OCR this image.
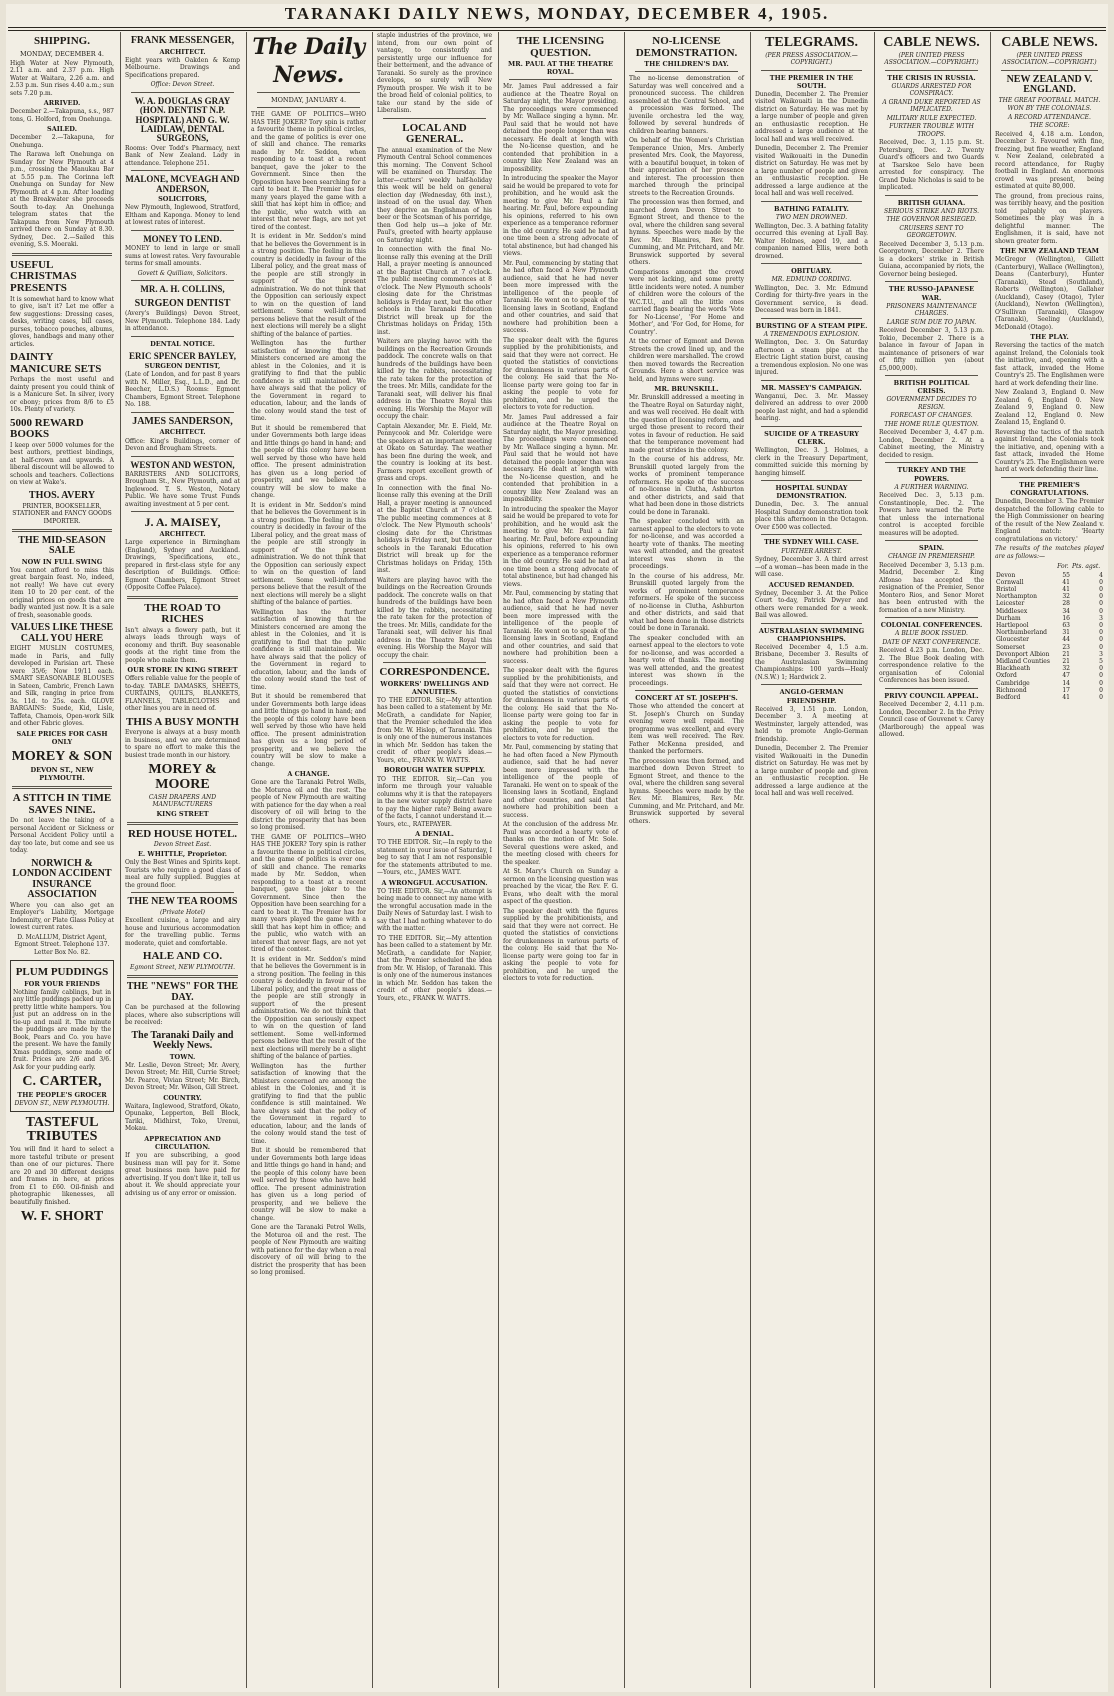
TARANAKI DAILY NEWS, MONDAY, DECEMBER 4, 1905.
SHIPPING.
MONDAY, DECEMBER 4.
High Water at New Plymouth, 2.11 a.m. and 2.37 p.m. High Water at Waitara, 2.26 a.m. and 2.53 p.m. Sun rises 4.40 a.m.; sun sets 7.20 p.m.
ARRIVED.
December 2.—Takapuna, s.s., 987 tons, G. Holford, from Onehunga.
SAILED.
December 2.—Takapuna, for Onehunga.
The Rarawa left Onehunga on Sunday for New Plymouth at 4 p.m., crossing the Manukau Bar at 5.55 p.m. The Corinna left Onehunga on Sunday for New Plymouth at 4 p.m. After loading at the Breakwater she proceeds South to-day. An Onehunga telegram states that the Takapuna from New Plymouth arrived there on Sunday at 8.30. Sydney, Dec. 2.—Sailed this evening, S.S. Moeraki.
USEFUL CHRISTMAS PRESENTS
It is somewhat hard to know what to give, isn't it? Let me offer a few suggestions: Dressing cases, desks, writing cases, bill cases, purses, tobacco pouches, albums, gloves, handbags and many other articles.
DAINTY MANICURE SETS
Perhaps the most useful and dainty present you could think of is a Manicure Set. In silver, ivory or ebony; prices from 8/6 to £5 10s. Plenty of variety.
5000 REWARD BOOKS
I keep over 5000 volumes for the best authors, prettiest bindings, at half-crown and upwards. A liberal discount will be allowed to schools and teachers. Collections on view at Wake's.
THOS. AVERY
PRINTER, BOOKSELLER, STATIONER and FANCY GOODS IMPORTER.
THE MID-SEASON SALE
NOW IN FULL SWING
You cannot afford to miss this great bargain feast. No, indeed, not really! We have cut every item 10 to 20 per cent. of the original prices on goods that are badly wanted just now. It is a sale of fresh, seasonable goods.
VALUES LIKE THESE CALL YOU HERE
EIGHT MUSLIN COSTUMES, made in Paris, and fully developed in Parisian art. These were 35/6; Now 19/11 each. SMART SEASONABLE BLOUSES in Sateen, Cambric, French Lawn and Silk, ranging in price from 3s. 11d. to 25s. each. GLOVE BARGAINS: Suede, Kid, Lisle, Taffeta, Chamois, Open-work Silk and other Fabric gloves.
SALE PRICES FOR CASH ONLY
MOREY & SON
DEVON ST., NEW PLYMOUTH.
A STITCH IN TIME SAVES NINE.
Do not leave the taking of a personal Accident or Sickness or Personal Accident Policy until a day too late, but come and see us today.
NORWICH & LONDON ACCIDENT INSURANCE ASSOCIATION
Where you can also get an Employer's Liability, Mortgage Indemnity, or Plate Glass Policy at lowest current rates.
D. McALLUM, District Agent, Egmont Street. Telephone 137. Letter Box No. 82.
PLUM PUDDINGS
FOR YOUR FRIENDS
Nothing family cablings, but in any little puddings packed up in pretty little white hampers. You just put an address on in the tie-up and mail it. The minute the puddings are made by the Book, Pears and Co. you have the present. We have the family Xmas puddings, some made of fruit. Prices are 2/6 and 3/6. Ask for your pudding early.
C. CARTER,
THE PEOPLE'S GROCER
DEVON ST., NEW PLYMOUTH.
TASTEFUL TRIBUTES
You will find it hard to select a more tasteful tribute or present than one of our pictures. There are 20 and 30 different designs and frames in here, at prices from £1 to £60. Oil-finish and photographic likenesses, all beautifully finished.
W. F. SHORT
FRANK MESSENGER,
ARCHITECT.
Eight years with Oakden & Kemp Melbourne. Drawings and Specifications prepared.
Office: Devon Street.
W. A. DOUGLAS GRAY (HON. DENTIST N.P. HOSPITAL) AND G. W. LAIDLAW, DENTAL SURGEONS,
Rooms: Over Todd's Pharmacy, next Bank of New Zealand. Lady in attendance. Telephone 251.
MALONE, MCVEAGH AND ANDERSON,
SOLICITORS,
New Plymouth, Inglewood, Stratford, Eltham and Kaponga. Money to lend at lowest rates of interest.
MONEY TO LEND.
MONEY to lend in large or small sums at lowest rates. Very favourable terms for small amounts.
Govett & Quilliam, Solicitors.
MR. A. H. COLLINS,
SURGEON DENTIST
(Avery's Buildings) Devon Street, New Plymouth. Telephone 184. Lady in attendance.
DENTAL NOTICE.
ERIC SPENCER BAYLEY,
SURGEON DENTIST,
(Late of London, and for past 8 years with N. Miller, Esq., L.L.D., and Dr. Beecher, L.D.S.) Rooms: Egmont Chambers, Egmont Street. Telephone No. 188.
JAMES SANDERSON,
ARCHITECT.
Office: King's Buildings, corner of Devon and Brougham Streets.
WESTON AND WESTON,
BARRISTERS AND SOLICITORS, Brougham St., New Plymouth, and at Inglewood. T. S. Weston, Notary Public. We have some Trust Funds awaiting investment at 5 per cent.
J. A. MAISEY,
ARCHITECT.
Large experience in Birmingham (England), Sydney and Auckland. Drawings, Specifications, etc., prepared in first-class style for any description of Buildings. Office: Egmont Chambers, Egmont Street (Opposite Coffee Palace).
THE ROAD TO RICHES
Isn't always a flowery path, but it always leads through ways of economy and thrift. Buy seasonable goods at the right time from the people who make them.
OUR STORE IN KING STREET
Offers reliable value for the people of to-day. TABLE DAMASKS, SHEETS, CURTAINS, QUILTS, BLANKETS, FLANNELS, TABLECLOTHS and other lines you are in need of.
THIS A BUSY MONTH
Everyone is always at a busy month in business, and we are determined to spare no effort to make this the busiest trade month in our history.
MOREY & MOORE
CASH DRAPERS AND MANUFACTURERS
KING STREET
RED HOUSE HOTEL.
Devon Street East.
E. WHITTLE, Proprietor.
Only the Best Wines and Spirits kept. Tourists who require a good class of meal are fully supplied. Buggies at the ground floor.
THE NEW TEA ROOMS
(Private Hotel)
Excellent cuisine, a large and airy house and luxurious accommodation for the travelling public. Terms moderate, quiet and comfortable.
HALE AND CO.
Egmont Street, NEW PLYMOUTH.
THE "NEWS" FOR THE DAY.
Can be purchased at the following places, where also subscriptions will be received:
The Taranaki Daily and Weekly News.
TOWN.
Mr. Leslie, Devon Street; Mr. Avery, Devon Street; Mr. Hill, Currie Street; Mr. Pearce, Vivian Street; Mr. Birch, Devon Street; Mr. Wilson, Gill Street.
COUNTRY.
Waitara, Inglewood, Stratford, Okato, Opunake, Lepperton, Bell Block, Tariki, Midhirst, Toko, Urenui, Mokau.
APPRECIATION AND CIRCULATION.
If you are subscribing, a good business man will pay for it. Some great business men have paid for advertising. If you don't like it, tell us about it. We should appreciate your advising us of any error or omission.
The Daily News.
MONDAY, JANUARY 4.
THE GAME OF POLITICS—WHO HAS THE JOKER? Tory spin is rather a favourite theme in political circles, and the game of politics is ever one of skill and chance. The remarks made by Mr. Seddon, when responding to a toast at a recent banquet, gave the joker to the Government. Since then the Opposition have been searching for a card to beat it. The Premier has for many years played the game with a skill that has kept him in office; and the public, who watch with an interest that never flags, are not yet tired of the contest.
It is evident in Mr. Seddon's mind that he believes the Government is in a strong position. The feeling in this country is decidedly in favour of the Liberal policy, and the great mass of the people are still strongly in support of the present administration. We do not think that the Opposition can seriously expect to win on the question of land settlement. Some well-informed persons believe that the result of the next elections will merely be a slight shifting of the balance of parties.
Wellington has the further satisfaction of knowing that the Ministers concerned are among the ablest in the Colonies, and it is gratifying to find that the public confidence is still maintained. We have always said that the policy of the Government in regard to education, labour, and the lands of the colony would stand the test of time.
But it should be remembered that under Governments both large ideas and little things go hand in hand; and the people of this colony have been well served by those who have held office. The present administration has given us a long period of prosperity, and we believe the country will be slow to make a change.
It is evident in Mr. Seddon's mind that he believes the Government is in a strong position. The feeling in this country is decidedly in favour of the Liberal policy, and the great mass of the people are still strongly in support of the present administration. We do not think that the Opposition can seriously expect to win on the question of land settlement. Some well-informed persons believe that the result of the next elections will merely be a slight shifting of the balance of parties.
Wellington has the further satisfaction of knowing that the Ministers concerned are among the ablest in the Colonies, and it is gratifying to find that the public confidence is still maintained. We have always said that the policy of the Government in regard to education, labour, and the lands of the colony would stand the test of time.
But it should be remembered that under Governments both large ideas and little things go hand in hand; and the people of this colony have been well served by those who have held office. The present administration has given us a long period of prosperity, and we believe the country will be slow to make a change.
A CHANGE.
Gone are the Taranaki Petrol Wells, the Moturoa oil and the rest. The people of New Plymouth are waiting with patience for the day when a real discovery of oil will bring to the district the prosperity that has been so long promised.
THE GAME OF POLITICS—WHO HAS THE JOKER? Tory spin is rather a favourite theme in political circles, and the game of politics is ever one of skill and chance. The remarks made by Mr. Seddon, when responding to a toast at a recent banquet, gave the joker to the Government. Since then the Opposition have been searching for a card to beat it. The Premier has for many years played the game with a skill that has kept him in office; and the public, who watch with an interest that never flags, are not yet tired of the contest.
It is evident in Mr. Seddon's mind that he believes the Government is in a strong position. The feeling in this country is decidedly in favour of the Liberal policy, and the great mass of the people are still strongly in support of the present administration. We do not think that the Opposition can seriously expect to win on the question of land settlement. Some well-informed persons believe that the result of the next elections will merely be a slight shifting of the balance of parties.
Wellington has the further satisfaction of knowing that the Ministers concerned are among the ablest in the Colonies, and it is gratifying to find that the public confidence is still maintained. We have always said that the policy of the Government in regard to education, labour, and the lands of the colony would stand the test of time.
But it should be remembered that under Governments both large ideas and little things go hand in hand; and the people of this colony have been well served by those who have held office. The present administration has given us a long period of prosperity, and we believe the country will be slow to make a change.
Gone are the Taranaki Petrol Wells, the Moturoa oil and the rest. The people of New Plymouth are waiting with patience for the day when a real discovery of oil will bring to the district the prosperity that has been so long promised.
staple industries of the province, we intend, from our own point of vantage, to consistently and persistently urge our influence for their betterment, and the advance of Taranaki. So surely as the province develops, so surely will New Plymouth prosper. We wish it to be the broad field of colonial politics, to take our stand by the side of Liberalism.
LOCAL AND GENERAL.
The annual examination of the New Plymouth Central School commences this morning. The Convent School will be examined on Thursday. The latter—cutters' weekly half-holiday this week will be held on general election day (Wednesday, 6th inst.), instead of on the usual day. When they deprive an Englishman of his beer or the Scotsman of his porridge, then God help us—a joke of Mr. Paul's, greeted with hearty applause on Saturday night.
In connection with the final No-license rally this evening at the Drill Hall, a prayer meeting is announced at the Baptist Church at 7 o'clock. The public meeting commences at 8 o'clock. The New Plymouth schools' closing date for the Christmas holidays is Friday next, but the other schools in the Taranaki Education District will break up for the Christmas holidays on Friday, 15th inst.
Waiters are playing havoc with the buildings on the Recreation Grounds paddock. The concrete walls on that hundreds of the buildings have been killed by the rabbits, necessitating the rate taken for the protection of the trees. Mr. Mills, candidate for the Taranaki seat, will deliver his final address in the Theatre Royal this evening. His Worship the Mayor will occupy the chair.
Captain Alexander, Mr. E. Field, Mr. Pennycook and Mr. Coleridge were the speakers at an important meeting at Okato on Saturday. The weather has been fine during the week, and the country is looking at its best. Farmers report excellent growth of grass and crops.
In connection with the final No-license rally this evening at the Drill Hall, a prayer meeting is announced at the Baptist Church at 7 o'clock. The public meeting commences at 8 o'clock. The New Plymouth schools' closing date for the Christmas holidays is Friday next, but the other schools in the Taranaki Education District will break up for the Christmas holidays on Friday, 15th inst.
Waiters are playing havoc with the buildings on the Recreation Grounds paddock. The concrete walls on that hundreds of the buildings have been killed by the rabbits, necessitating the rate taken for the protection of the trees. Mr. Mills, candidate for the Taranaki seat, will deliver his final address in the Theatre Royal this evening. His Worship the Mayor will occupy the chair.
CORRESPONDENCE.
WORKERS' DWELLINGS AND ANNUITIES.
TO THE EDITOR. Sir,—My attention has been called to a statement by Mr. McGrath, a candidate for Napier, that the Premier scheduled the idea from Mr. W. Hislop, of Taranaki. This is only one of the numerous instances in which Mr. Seddon has taken the credit of other people's ideas.—Yours, etc., FRANK W. WATTS.
BOROUGH WATER SUPPLY.
TO THE EDITOR. Sir,—Can you inform me through your valuable columns why it is that the ratepayers in the new water supply district have to pay the higher rate? Being aware of the facts, I cannot understand it.—Yours, etc., RATEPAYER.
A DENIAL.
TO THE EDITOR. Sir,—In reply to the statement in your issue of Saturday, I beg to say that I am not responsible for the statements attributed to me.—Yours, etc., JAMES WATT.
A WRONGFUL ACCUSATION.
TO THE EDITOR. Sir,—An attempt is being made to connect my name with the wrongful accusation made in the Daily News of Saturday last. I wish to say that I had nothing whatever to do with the matter.
TO THE EDITOR. Sir,—My attention has been called to a statement by Mr. McGrath, a candidate for Napier, that the Premier scheduled the idea from Mr. W. Hislop, of Taranaki. This is only one of the numerous instances in which Mr. Seddon has taken the credit of other people's ideas.—Yours, etc., FRANK W. WATTS.
THE LICENSING QUESTION.
MR. PAUL AT THE THEATRE ROYAL.
Mr. James Paul addressed a fair audience at the Theatre Royal on Saturday night, the Mayor presiding. The proceedings were commenced by Mr. Wallace singing a hymn. Mr. Paul said that he would not have detained the people longer than was necessary. He dealt at length with the No-license question, and he contended that prohibition in a country like New Zealand was an impossibility.
In introducing the speaker the Mayor said he would be prepared to vote for prohibition, and he would ask the meeting to give Mr. Paul a fair hearing. Mr. Paul, before expounding his opinions, referred to his own experience as a temperance reformer in the old country. He said he had at one time been a strong advocate of total abstinence, but had changed his views.
Mr. Paul, commencing by stating that he had often faced a New Plymouth audience, said that he had never been more impressed with the intelligence of the people of Taranaki. He went on to speak of the licensing laws in Scotland, England and other countries, and said that nowhere had prohibition been a success.
The speaker dealt with the figures supplied by the prohibitionists, and said that they were not correct. He quoted the statistics of convictions for drunkenness in various parts of the colony. He said that the No-license party were going too far in asking the people to vote for prohibition, and he urged the electors to vote for reduction.
Mr. James Paul addressed a fair audience at the Theatre Royal on Saturday night, the Mayor presiding. The proceedings were commenced by Mr. Wallace singing a hymn. Mr. Paul said that he would not have detained the people longer than was necessary. He dealt at length with the No-license question, and he contended that prohibition in a country like New Zealand was an impossibility.
In introducing the speaker the Mayor said he would be prepared to vote for prohibition, and he would ask the meeting to give Mr. Paul a fair hearing. Mr. Paul, before expounding his opinions, referred to his own experience as a temperance reformer in the old country. He said he had at one time been a strong advocate of total abstinence, but had changed his views.
Mr. Paul, commencing by stating that he had often faced a New Plymouth audience, said that he had never been more impressed with the intelligence of the people of Taranaki. He went on to speak of the licensing laws in Scotland, England and other countries, and said that nowhere had prohibition been a success.
The speaker dealt with the figures supplied by the prohibitionists, and said that they were not correct. He quoted the statistics of convictions for drunkenness in various parts of the colony. He said that the No-license party were going too far in asking the people to vote for prohibition, and he urged the electors to vote for reduction.
Mr. Paul, commencing by stating that he had often faced a New Plymouth audience, said that he had never been more impressed with the intelligence of the people of Taranaki. He went on to speak of the licensing laws in Scotland, England and other countries, and said that nowhere had prohibition been a success.
At the conclusion of the address Mr. Paul was accorded a hearty vote of thanks on the motion of Mr. Sole. Several questions were asked, and the meeting closed with cheers for the speaker.
At St. Mary's Church on Sunday a sermon on the licensing question was preached by the vicar, the Rev. F. G. Evans, who dealt with the moral aspect of the question.
The speaker dealt with the figures supplied by the prohibitionists, and said that they were not correct. He quoted the statistics of convictions for drunkenness in various parts of the colony. He said that the No-license party were going too far in asking the people to vote for prohibition, and he urged the electors to vote for reduction.
NO-LICENSE DEMONSTRATION.
THE CHILDREN'S DAY.
The no-license demonstration of Saturday was well conceived and a pronounced success. The children assembled at the Central School, and a procession was formed. The juvenile orchestra led the way, followed by several hundreds of children bearing banners.
On behalf of the Women's Christian Temperance Union, Mrs. Amberly presented Mrs. Cook, the Mayoress, with a beautiful bouquet, in token of their appreciation of her presence and interest. The procession then marched through the principal streets to the Recreation Grounds.
The procession was then formed, and marched down Devon Street to Egmont Street, and thence to the oval, where the children sang several hymns. Speeches were made by the Rev. Mr. Blamires, Rev. Mr. Cumming, and Mr. Pritchard, and Mr. Brunswick supported by several others.
Comparisons amongst the crowd were not lacking, and some pretty little incidents were noted. A number of children wore the colours of the W.C.T.U., and all the little ones carried flags bearing the words 'Vote for No-License', 'For Home and Mother', and 'For God, for Home, for Country'.
At the corner of Egmont and Devon Streets the crowd lined up, and the children were marshalled. The crowd then moved towards the Recreation Grounds. Here a short service was held, and hymns were sung.
MR. BRUNSKILL.
Mr. Brunskill addressed a meeting in the Theatre Royal on Saturday night, and was well received. He dealt with the question of licensing reform, and urged those present to record their votes in favour of reduction. He said that the temperance movement had made great strides in the colony.
In the course of his address, Mr. Brunskill quoted largely from the works of prominent temperance reformers. He spoke of the success of no-license in Clutha, Ashburton and other districts, and said that what had been done in those districts could be done in Taranaki.
The speaker concluded with an earnest appeal to the electors to vote for no-license, and was accorded a hearty vote of thanks. The meeting was well attended, and the greatest interest was shown in the proceedings.
In the course of his address, Mr. Brunskill quoted largely from the works of prominent temperance reformers. He spoke of the success of no-license in Clutha, Ashburton and other districts, and said that what had been done in those districts could be done in Taranaki.
The speaker concluded with an earnest appeal to the electors to vote for no-license, and was accorded a hearty vote of thanks. The meeting was well attended, and the greatest interest was shown in the proceedings.
CONCERT AT ST. JOSEPH'S.
Those who attended the concert at St. Joseph's Church on Sunday evening were well repaid. The programme was excellent, and every item was well received. The Rev. Father McKenna presided, and thanked the performers.
The procession was then formed, and marched down Devon Street to Egmont Street, and thence to the oval, where the children sang several hymns. Speeches were made by the Rev. Mr. Blamires, Rev. Mr. Cumming, and Mr. Pritchard, and Mr. Brunswick supported by several others.
TELEGRAMS.
(PER PRESS ASSOCIATION.—COPYRIGHT.)
THE PREMIER IN THE SOUTH.
Dunedin, December 2. The Premier visited Waikouaiti in the Dunedin district on Saturday. He was met by a large number of people and given an enthusiastic reception. He addressed a large audience at the local hall and was well received.
Dunedin, December 2. The Premier visited Waikouaiti in the Dunedin district on Saturday. He was met by a large number of people and given an enthusiastic reception. He addressed a large audience at the local hall and was well received.
BATHING FATALITY.
TWO MEN DROWNED.
Wellington, Dec. 3. A bathing fatality occurred this evening at Lyall Bay. Walter Holmes, aged 19, and a companion named Ellis, were both drowned.
OBITUARY.
MR. EDMUND CORDING.
Wellington, Dec. 3. Mr. Edmund Cording for thirty-five years in the Government service, is dead. Deceased was born in 1841.
BURSTING OF A STEAM PIPE.
A TREMENDOUS EXPLOSION.
Wellington, Dec. 3. On Saturday afternoon a steam pipe at the Electric Light station burst, causing a tremendous explosion. No one was injured.
MR. MASSEY'S CAMPAIGN.
Wanganui, Dec. 3. Mr. Massey delivered an address to over 2000 people last night, and had a splendid hearing.
SUICIDE OF A TREASURY CLERK.
Wellington, Dec. 3. J. Holmes, a clerk in the Treasury Department, committed suicide this morning by hanging himself.
HOSPITAL SUNDAY DEMONSTRATION.
Dunedin, Dec. 3. The annual Hospital Sunday demonstration took place this afternoon in the Octagon. Over £500 was collected.
THE SYDNEY WILL CASE.
FURTHER ARREST.
Sydney, December 3. A third arrest—of a woman—has been made in the will case.
ACCUSED REMANDED.
Sydney, December 3. At the Police Court to-day, Patrick Dwyer and others were remanded for a week. Bail was allowed.
AUSTRALASIAN SWIMMING CHAMPIONSHIPS.
Received December 4, 1.5 a.m. Brisbane, December 3. Results of the Australasian Swimming Championships: 100 yards—Healy (N.S.W.) 1; Hardwick 2.
ANGLO-GERMAN FRIENDSHIP.
Received 3, 1.51 p.m. London, December 3. A meeting at Westminster, largely attended, was held to promote Anglo-German friendship.
Dunedin, December 2. The Premier visited Waikouaiti in the Dunedin district on Saturday. He was met by a large number of people and given an enthusiastic reception. He addressed a large audience at the local hall and was well received.
CABLE NEWS.
(PER UNITED PRESS ASSOCIATION.—COPYRIGHT.)
THE CRISIS IN RUSSIA.
GUARDS ARRESTED FOR CONSPIRACY.
A GRAND DUKE REPORTED AS IMPLICATED.
MILITARY RULE EXPECTED.
FURTHER TROUBLE WITH TROOPS.
Received, Dec. 3, 1.15 p.m. St. Petersburg, Dec. 2. Twenty Guard's officers and two Guards at Tsarskoe Selo have been arrested for conspiracy. The Grand Duke Nicholas is said to be implicated.
BRITISH GUIANA.
SERIOUS STRIKE AND RIOTS.
THE GOVERNOR BESIEGED.
CRUISERS SENT TO GEORGETOWN.
Received December 3, 5.13 p.m. Georgetown, December 2. There is a dockers' strike in British Guiana, accompanied by riots, the Governor being besieged.
THE RUSSO-JAPANESE WAR.
PRISONERS MAINTENANCE CHARGES.
LARGE SUM DUE TO JAPAN.
Received December 3, 5.13 p.m. Tokio, December 2. There is a balance in favour of Japan in maintenance of prisoners of war of fifty million yen (about £5,000,000).
BRITISH POLITICAL CRISIS.
GOVERNMENT DECIDES TO RESIGN.
FORECAST OF CHANGES.
THE HOME RULE QUESTION.
Received December 3, 4.47 p.m. London, December 2. At a Cabinet meeting, the Ministry decided to resign.
TURKEY AND THE POWERS.
A FURTHER WARNING.
Received Dec. 3, 5.13 p.m. Constantinople, Dec. 2. The Powers have warned the Porte that unless the international control is accepted forcible measures will be adopted.
SPAIN.
CHANGE IN PREMIERSHIP.
Received December 3, 5.13 p.m. Madrid, December 2. King Alfonso has accepted the resignation of the Premier, Senor Montero Rios, and Senor Moret has been entrusted with the formation of a new Ministry.
COLONIAL CONFERENCES.
A BLUE BOOK ISSUED.
DATE OF NEXT CONFERENCE.
Received 4.23 p.m. London, Dec. 2. The Blue Book dealing with correspondence relative to the organisation of Colonial Conferences has been issued.
PRIVY COUNCIL APPEAL.
Received December 2, 4.11 p.m. London, December 2. In the Privy Council case of Gouvenet v. Carey (Marlborough) the appeal was allowed.
CABLE NEWS.
(PER UNITED PRESS ASSOCIATION.—COPYRIGHT.)
NEW ZEALAND V. ENGLAND.
THE GREAT FOOTBALL MATCH.
WON BY THE COLONIALS.
A RECORD ATTENDANCE.
THE SCORE:
Received 4, 4.18 a.m. London, December 3. Favoured with fine, freezing, but fine weather, England v. New Zealand, celebrated a record attendance, for Rugby football in England. An enormous crowd was present, being estimated at quite 80,000.
The ground, from precious rains, was terribly heavy, and the position told palpably on players. Sometimes the play was in a delightful manner. The Englishmen, it is said, have not shown greater form.
THE NEW ZEALAND TEAM
McGregor (Wellington), Gillett (Canterbury), Wallace (Wellington), Deans (Canterbury), Hunter (Taranaki), Stead (Southland), Roberts (Wellington), Gallaher (Auckland), Casey (Otago), Tyler (Auckland), Newton (Wellington), O'Sullivan (Taranaki), Glasgow (Taranaki), Seeling (Auckland), McDonald (Otago).
THE PLAY.
Reversing the tactics of the match against Ireland, the Colonials took the initiative, and, opening with a fast attack, invaded the Home Country's 25. The Englishmen were hard at work defending their line.
New Zealand 3, England 0. New Zealand 6, England 0. New Zealand 9, England 0. New Zealand 12, England 0. New Zealand 15, England 0.
Reversing the tactics of the match against Ireland, the Colonials took the initiative, and, opening with a fast attack, invaded the Home Country's 25. The Englishmen were hard at work defending their line.
THE PREMIER'S CONGRATULATIONS.
Dunedin, December 3. The Premier despatched the following cable to the High Commissioner on hearing of the result of the New Zealand v. England match: 'Hearty congratulations on victory.'
The results of the matches played are as follows:—
	For.	Pts. agst.
Devon	55	4
Cornwall	41	0
Bristol	41	0
Northampton	32	0
Leicester	28	0
Middlesex	34	0
Durham	16	3
Hartlepool	63	0
Northumberland	31	0
Gloucester	44	0
Somerset	23	0
Devonport Albion	21	3
Midland Counties	21	5
Blackheath	32	0
Oxford	47	0
Cambridge	14	0
Richmond	17	0
Bedford	41	0
